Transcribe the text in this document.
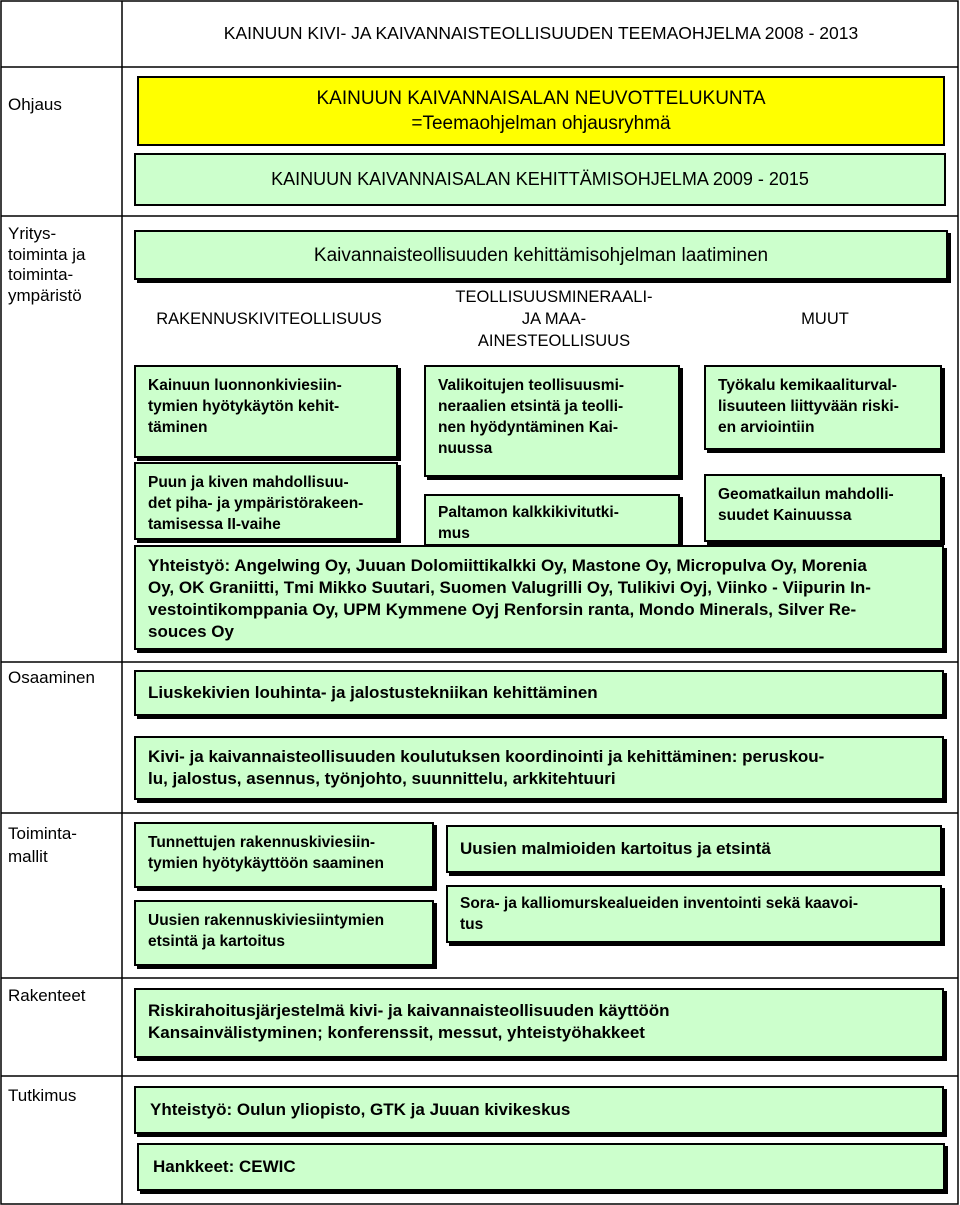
KAINUUN KIVI- JA KAIVANNAISTEOLLISUUDEN TEEMAOHJELMA 2008 - 2013
Ohjaus
Yritys-
toiminta ja
toiminta-
ympäristö
Osaaminen
Toiminta-
mallit
Rakenteet
Tutkimus
KAINUUN KAIVANNAISALAN NEUVOTTELUKUNTA
=Teemaohjelman ohjausryhmä
KAINUUN KAIVANNAISALAN KEHITTÄMISOHJELMA 2009 - 2015
Kaivannaisteollisuuden kehittämisohjelman laatiminen
RAKENNUSKIVITEOLLISUUS
TEOLLISUUSMINERAALI-
JA MAA-
AINESTEOLLISUUS
MUUT
Kainuun luonnonkiviesiin-
tymien hyötykäytön kehit-
täminen
Puun ja kiven mahdollisuu-
det piha- ja ympäristörakeen-
tamisessa II-vaihe
Valikoitujen teollisuusmi-
neraalien etsintä ja teolli-
nen hyödyntäminen Kai-
nuussa
Paltamon kalkkikivitutki-
mus
Työkalu kemikaaliturval-
lisuuteen liittyvään riski-
en arviointiin
Geomatkailun mahdolli-
suudet Kainuussa
Yhteistyö: Angelwing Oy, Juuan Dolomiittikalkki Oy, Mastone Oy, Micropulva Oy, Morenia
Oy, OK Graniitti, Tmi Mikko Suutari, Suomen Valugrilli Oy, Tulikivi Oyj, Viinko - Viipurin In-
vestointikomppania Oy, UPM Kymmene Oyj Renforsin ranta, Mondo Minerals, Silver Re-
souces Oy
Liuskekivien louhinta- ja jalostustekniikan kehittäminen
Kivi- ja kaivannaisteollisuuden koulutuksen koordinointi ja kehittäminen: peruskou-
lu, jalostus, asennus, työnjohto, suunnittelu, arkkitehtuuri
Tunnettujen rakennuskiviesiin-
tymien hyötykäyttöön saaminen
Uusien rakennuskiviesiintymien
etsintä ja kartoitus
Uusien malmioiden kartoitus ja etsintä
Sora- ja kalliomurskealueiden inventointi sekä kaavoi-
tus
Riskirahoitusjärjestelmä kivi- ja kaivannaisteollisuuden käyttöön
Kansainvälistyminen; konferenssit, messut, yhteistyöhakkeet
Yhteistyö: Oulun yliopisto, GTK ja Juuan kivikeskus
Hankkeet: CEWIC
